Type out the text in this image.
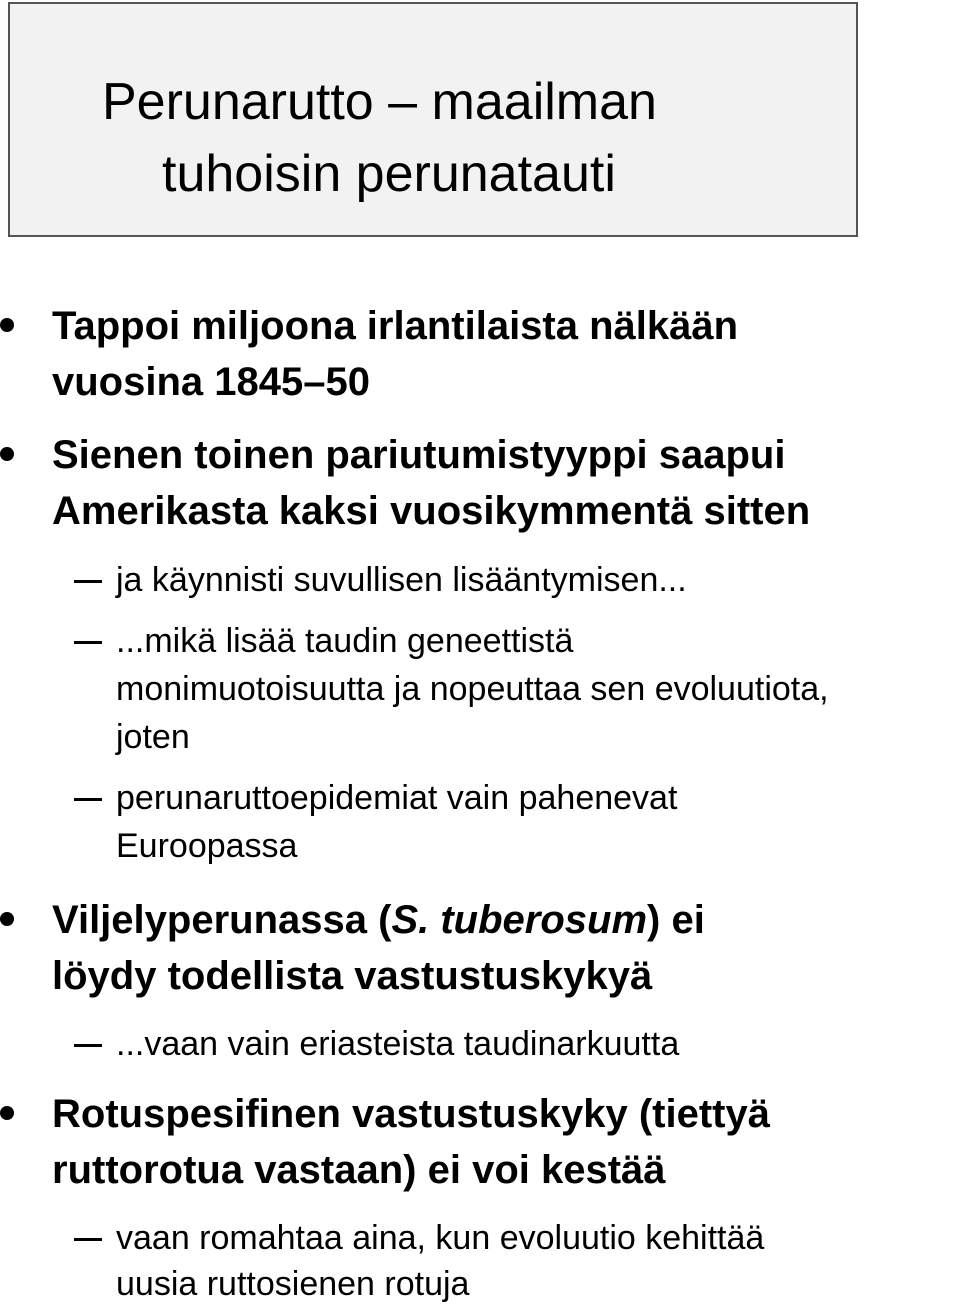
Perunarutto – maailman
tuhoisin perunatauti
Tappoi miljoona irlantilaista nälkään
vuosina 1845–50
Sienen toinen pariutumistyyppi saapui
Amerikasta kaksi vuosikymmentä sitten
ja käynnisti suvullisen lisääntymisen...
...mikä lisää taudin geneettistä
monimuotoisuutta ja nopeuttaa sen evoluutiota,
joten
perunaruttoepidemiat vain pahenevat
Euroopassa
Viljelyperunassa (S. tuberosum) ei
löydy todellista vastustuskykyä
...vaan vain eriasteista taudinarkuutta
Rotuspesifinen vastustuskyky (tiettyä
ruttorotua vastaan) ei voi kestää
vaan romahtaa aina, kun evoluutio kehittää
uusia ruttosienen rotuja
